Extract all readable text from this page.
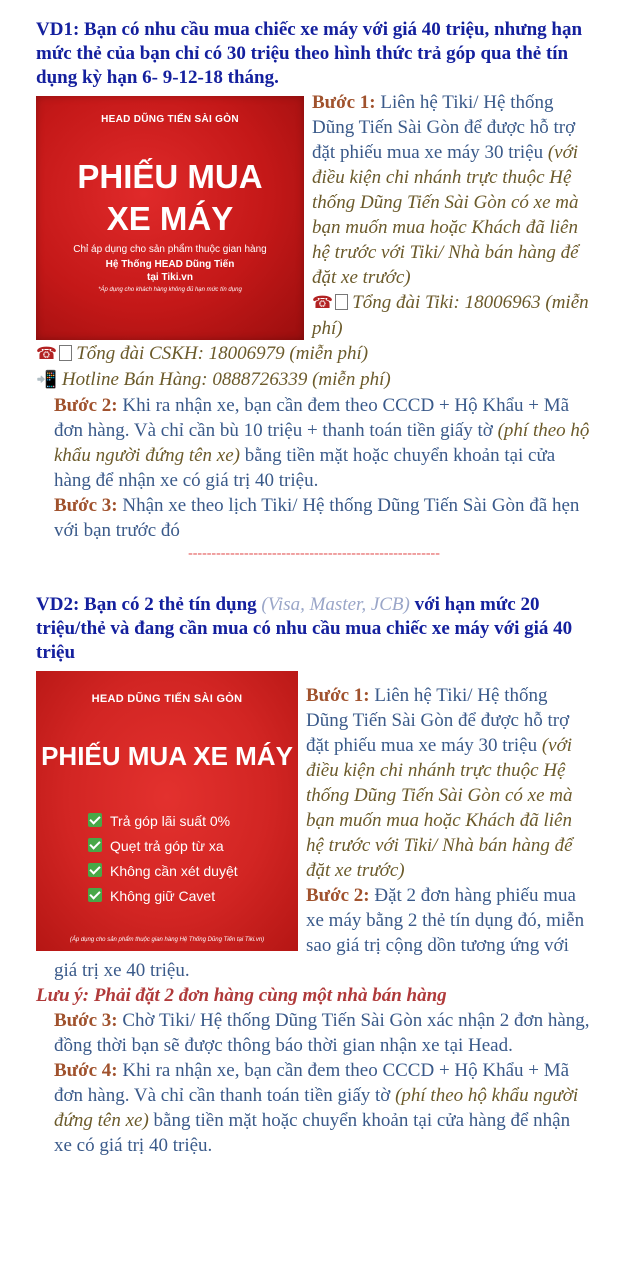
VD1: Bạn có nhu cầu mua chiếc xe máy với giá 40 triệu, nhưng hạn mức thẻ của bạn chỉ có 30 triệu theo hình thức trả góp qua thẻ tín dụng kỳ hạn 6- 9-12-18 tháng.

HEAD DŨNG TIẾN SÀI GÒN
PHIẾU MUA
XE MÁY
Chỉ áp dụng cho sản phẩm thuộc gian hàng
Hệ Thống HEAD Dũng Tiến
tại Tiki.vn
*Áp dụng cho khách hàng không đủ hạn mức tín dụng

Bước 1: Liên hệ Tiki/ Hệ thống Dũng Tiến Sài Gòn để được hỗ trợ đặt phiếu mua xe máy 30 triệu (với điều kiện chi nhánh trực thuộc Hệ thống Dũng Tiến Sài Gòn có xe mà bạn muốn mua hoặc Khách đã liên hệ trước với Tiki/ Nhà bán hàng để đặt xe trước)

☎ Tổng đài Tiki: 18006963 (miễn phí)

☎ Tổng đài CSKH: 18006979 (miễn phí)

📲 Hotline Bán Hàng: 0888726339 (miễn phí)

Bước 2: Khi ra nhận xe, bạn cần đem theo CCCD + Hộ Khẩu + Mã đơn hàng. Và chỉ cần bù 10 triệu + thanh toán tiền giấy tờ (phí theo hộ khẩu người đứng tên xe) bằng tiền mặt hoặc chuyển khoản tại cửa hàng để nhận xe có giá trị 40 triệu.

Bước 3: Nhận xe theo lịch Tiki/ Hệ thống Dũng Tiến Sài Gòn đã hẹn với bạn trước đó

------------------------------------------------------

VD2: Bạn có 2 thẻ tín dụng (Visa, Master, JCB) với hạn mức 20 triệu/thẻ và đang cần mua có nhu cầu mua chiếc xe máy với giá 40 triệu

HEAD DŨNG TIẾN SÀI GÒN
PHIẾU MUA XE MÁY
Trả góp lãi suất 0%
Quẹt trả góp từ xa
Không cần xét duyệt
Không giữ Cavet
(Áp dụng cho sản phẩm thuộc gian hàng Hệ Thống Dũng Tiến tại Tiki.vn)

Bước 1: Liên hệ Tiki/ Hệ thống Dũng Tiến Sài Gòn để được hỗ trợ đặt phiếu mua xe máy 30 triệu (với điều kiện chi nhánh trực thuộc Hệ thống Dũng Tiến Sài Gòn có xe mà bạn muốn mua hoặc Khách đã liên hệ trước với Tiki/ Nhà bán hàng để đặt xe trước)

Bước 2: Đặt 2 đơn hàng phiếu mua xe máy bằng 2 thẻ tín dụng đó, miễn sao giá trị cộng dồn tương ứng với giá trị xe 40 triệu.

Lưu ý: Phải đặt 2 đơn hàng cùng một nhà bán hàng

Bước 3: Chờ Tiki/ Hệ thống Dũng Tiến Sài Gòn xác nhận 2 đơn hàng, đồng thời bạn sẽ được thông báo thời gian nhận xe tại Head.

Bước 4: Khi ra nhận xe, bạn cần đem theo CCCD + Hộ Khẩu + Mã đơn hàng. Và chỉ cần thanh toán tiền giấy tờ (phí theo hộ khẩu người đứng tên xe) bằng tiền mặt hoặc chuyển khoản tại cửa hàng để nhận xe có giá trị 40 triệu.
